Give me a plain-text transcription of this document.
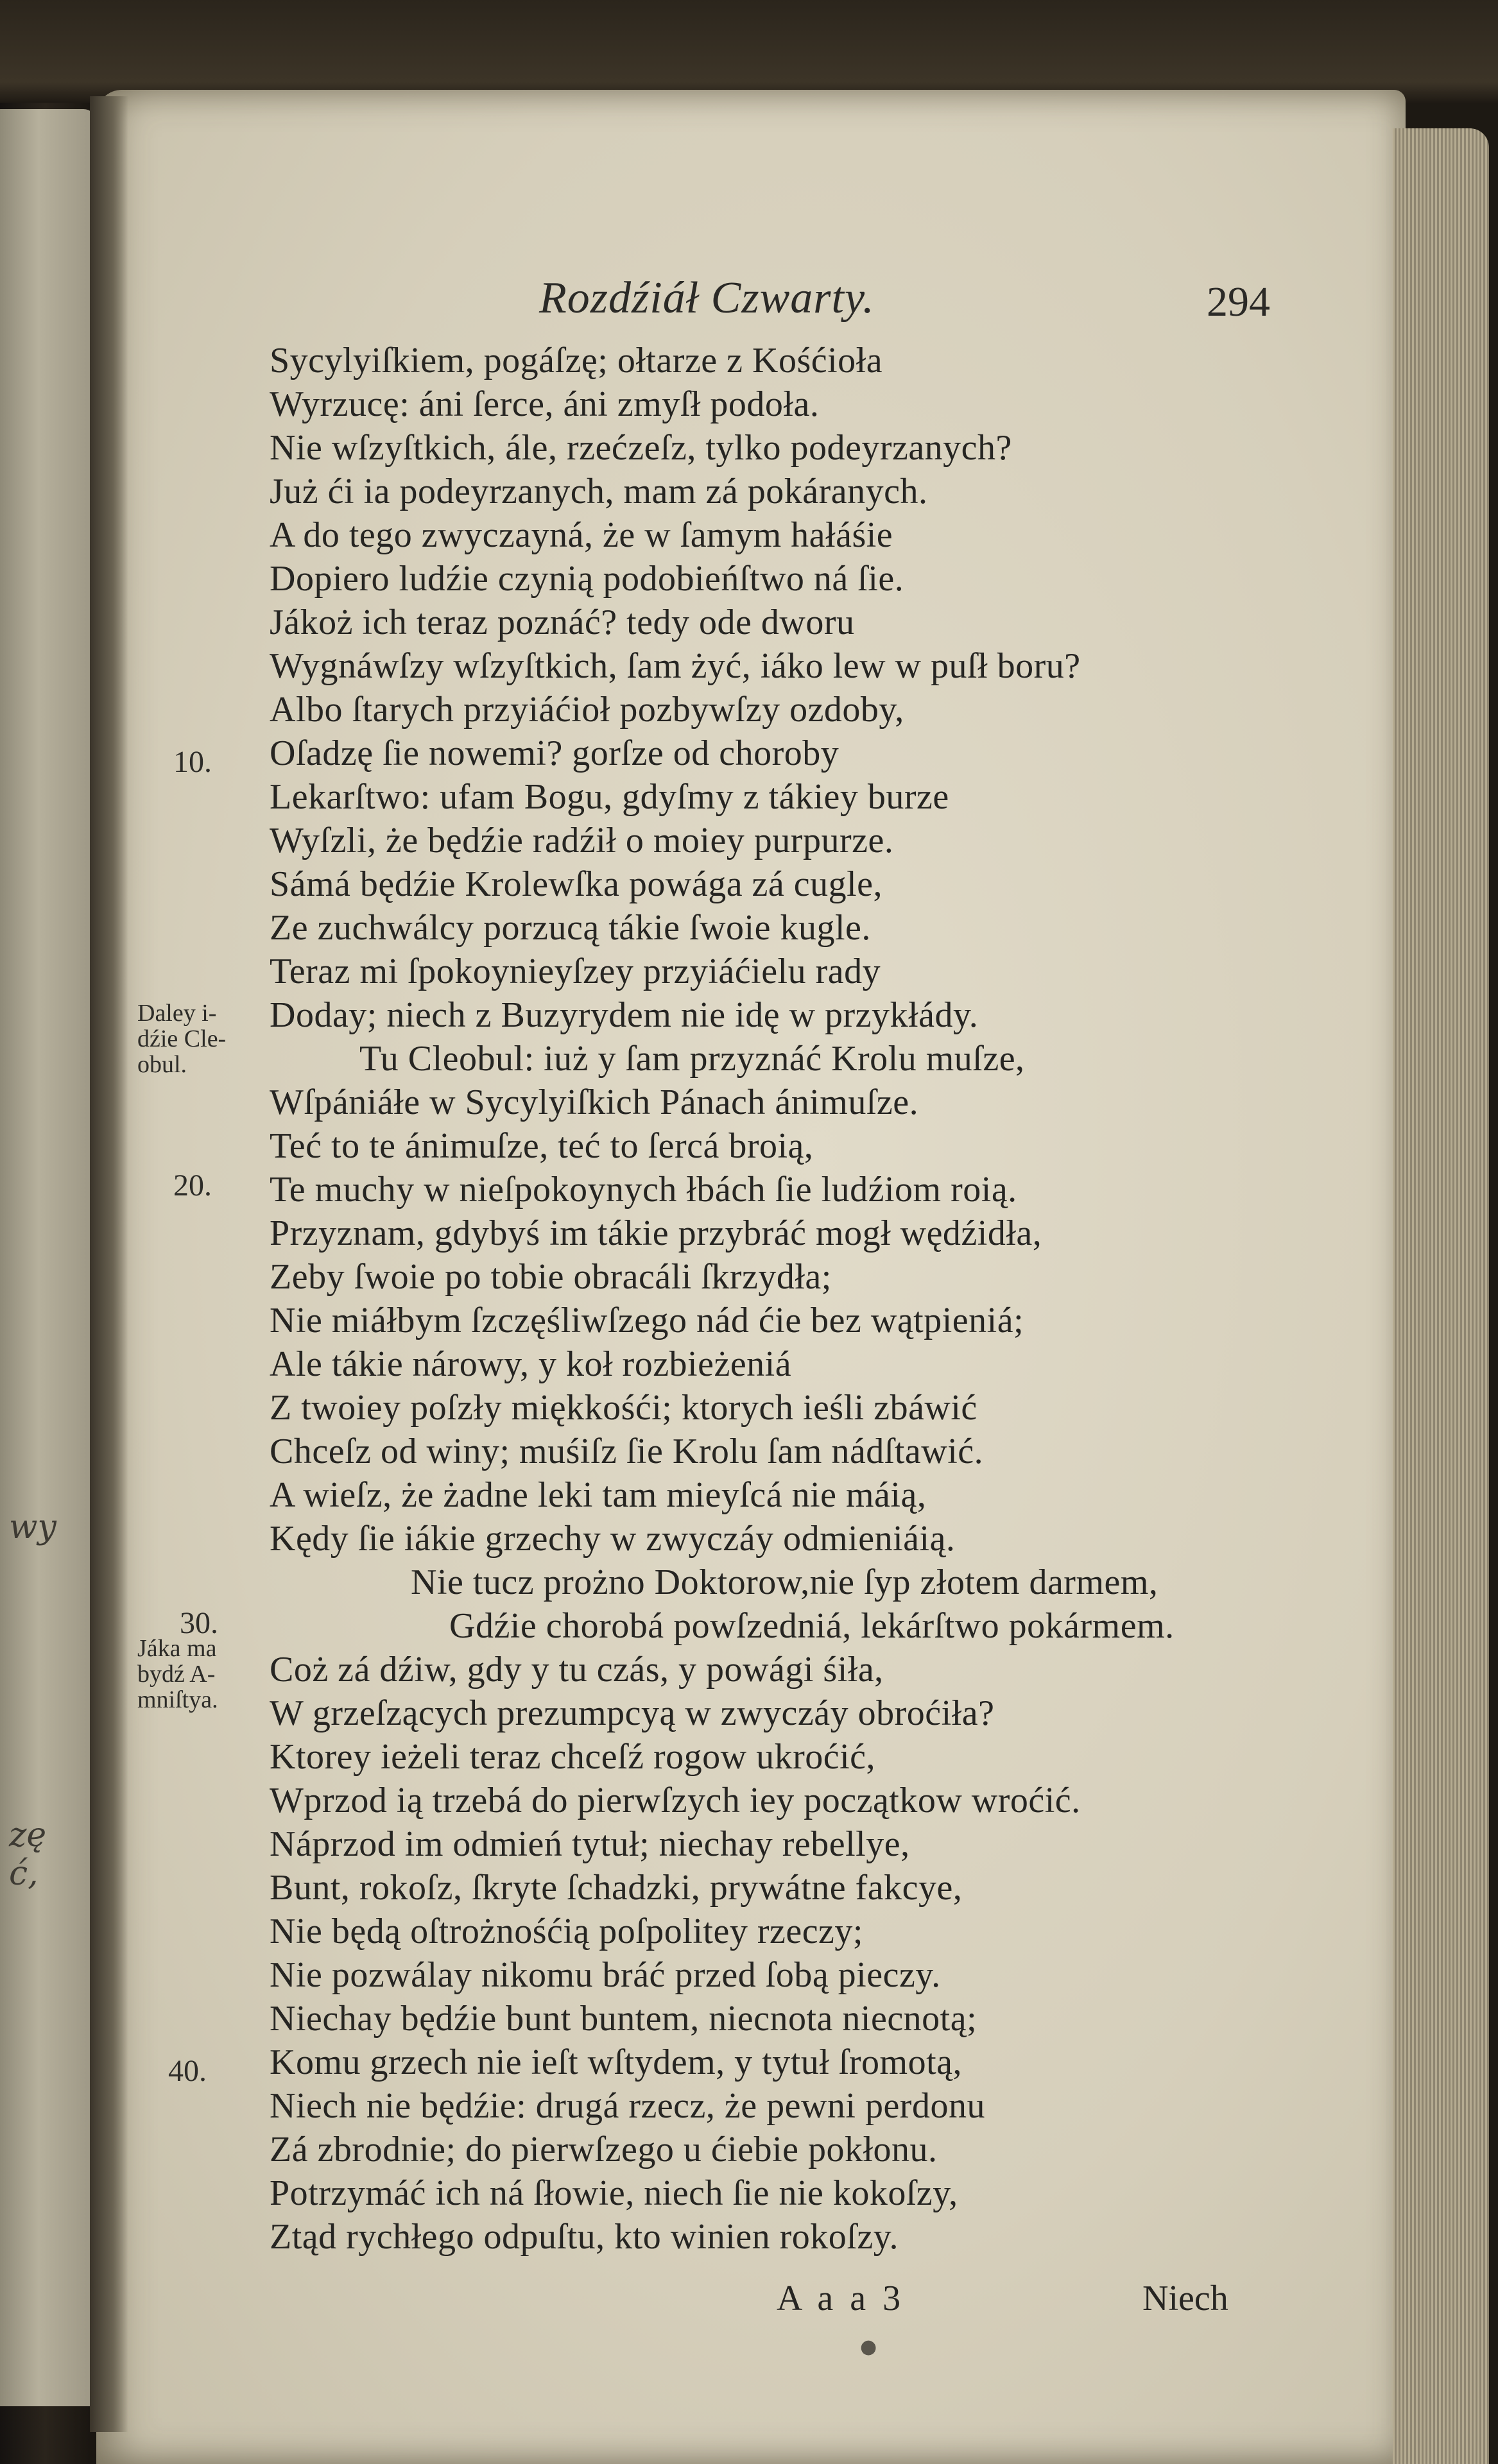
wy
zę
ć,
Rozdźiáł Czwarty.	294
Sycylyiſkiem, pogáſzę; ołtarze z Kośćioła
Wyrzucę: áni ſerce, áni zmyſł podoła.
Nie wſzyſtkich, ále, rzećzeſz, tylko podeyrzanych?
Już ći ia podeyrzanych, mam zá pokáranych.
A do tego zwyczayná, że w ſamym hałáśie
Dopiero ludźie czynią podobieńſtwo ná ſie.
Jákoż ich teraz poznáć? tedy ode dworu
Wygnáwſzy wſzyſtkich, ſam żyć, iáko lew w puſł boru?
Albo ſtarych przyiáćioł pozbywſzy ozdoby,
Oſadzę ſie nowemi? gorſze od choroby
Lekarſtwo: ufam Bogu, gdyſmy z tákiey burze
Wyſzli, że będźie radźił o moiey purpurze.
Sámá będźie Krolewſka powága zá cugle,
Ze zuchwálcy porzucą tákie ſwoie kugle.
Teraz mi ſpokoynieyſzey przyiáćielu rady
Doday; niech z Buzyrydem nie idę w przykłády.
Tu Cleobul: iuż y ſam przyznáć Krolu muſze,
Wſpániáłe w Sycylyiſkich Pánach ánimuſze.
Teć to te ánimuſze, teć to ſercá broią,
Te muchy w nieſpokoynych łbách ſie ludźiom roią.
Przyznam, gdybyś im tákie przybráć mogł wędźidła,
Zeby ſwoie po tobie obracáli ſkrzydła;
Nie miáłbym ſzczęśliwſzego nád ćie bez wątpieniá;
Ale tákie nárowy, y koł rozbieżeniá
Z twoiey poſzły miękkośći; ktorych ieśli zbáwić
Chceſz od winy; muśiſz ſie Krolu ſam nádſtawić.
A wieſz, że żadne leki tam mieyſcá nie máią,
Kędy ſie iákie grzechy w zwyczáy odmieniáią.
Nie tucz prożno Doktorow,nie ſyp złotem darmem,
Gdźie chorobá powſzedniá, lekárſtwo pokármem.
Coż zá dźiw, gdy y tu czás, y powági śiła,
W grzeſzących prezumpcyą w zwyczáy obroćiła?
Ktorey ieżeli teraz chceſź rogow ukroćić,
Wprzod ią trzebá do pierwſzych iey początkow wroćić.
Náprzod im odmień tytuł; niechay rebellye,
Bunt, rokoſz, ſkryte ſchadzki, prywátne fakcye,
Nie będą oſtrożnośćią poſpolitey rzeczy;
Nie pozwálay nikomu bráć przed ſobą pieczy.
Niechay będźie bunt buntem, niecnota niecnotą;
Komu grzech nie ieſt wſtydem, y tytuł ſromotą,
Niech nie będźie: drugá rzecz, że pewni perdonu
Zá zbrodnie; do pierwſzego u ćiebie pokłonu.
Potrzymáć ich ná ſłowie, niech ſie nie kokoſzy,
Ztąd rychłego odpuſtu, kto winien rokoſzy.
10.
20.
30.
40.
Daley i-
dźie Cle-
obul.
Jáka ma
bydź A-
mniſtya.
A a a 3	Niech
●
